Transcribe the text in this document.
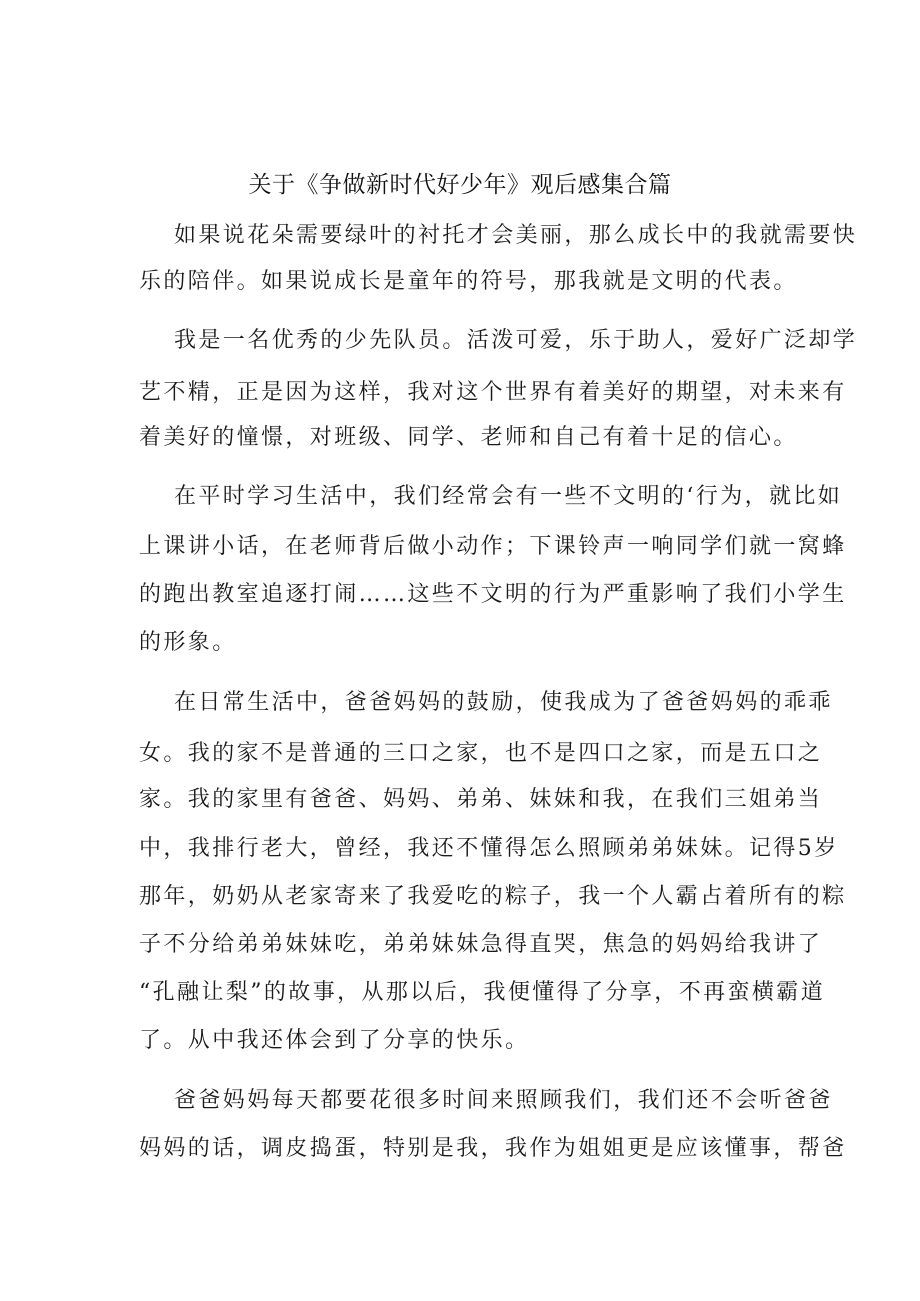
关于《争做新时代好少年》观后感集合篇
如果说花朵需要绿叶的衬托才会美丽，那么成长中的我就需要快
乐的陪伴。如果说成长是童年的符号，那我就是文明的代表。
我是一名优秀的少先队员。活泼可爱，乐于助人，爱好广泛却学
艺不精，正是因为这样，我对这个世界有着美好的期望，对未来有
着美好的憧憬，对班级、同学、老师和自己有着十足的信心。
在平时学习生活中，我们经常会有一些不文明的‘行为，就比如
上课讲小话，在老师背后做小动作；下课铃声一响同学们就一窝蜂
的跑出教室追逐打闹……这些不文明的行为严重影响了我们小学生
的形象。
在日常生活中，爸爸妈妈的鼓励，使我成为了爸爸妈妈的乖乖
女。我的家不是普通的三口之家，也不是四口之家，而是五口之
家。我的家里有爸爸、妈妈、弟弟、妹妹和我，在我们三姐弟当
中，我排行老大，曾经，我还不懂得怎么照顾弟弟妹妹。记得5岁
那年，奶奶从老家寄来了我爱吃的粽子，我一个人霸占着所有的粽
子不分给弟弟妹妹吃，弟弟妹妹急得直哭，焦急的妈妈给我讲了
“孔融让梨”的故事，从那以后，我便懂得了分享，不再蛮横霸道
了。从中我还体会到了分享的快乐。
爸爸妈妈每天都要花很多时间来照顾我们，我们还不会听爸爸
妈妈的话，调皮捣蛋，特别是我，我作为姐姐更是应该懂事，帮爸
